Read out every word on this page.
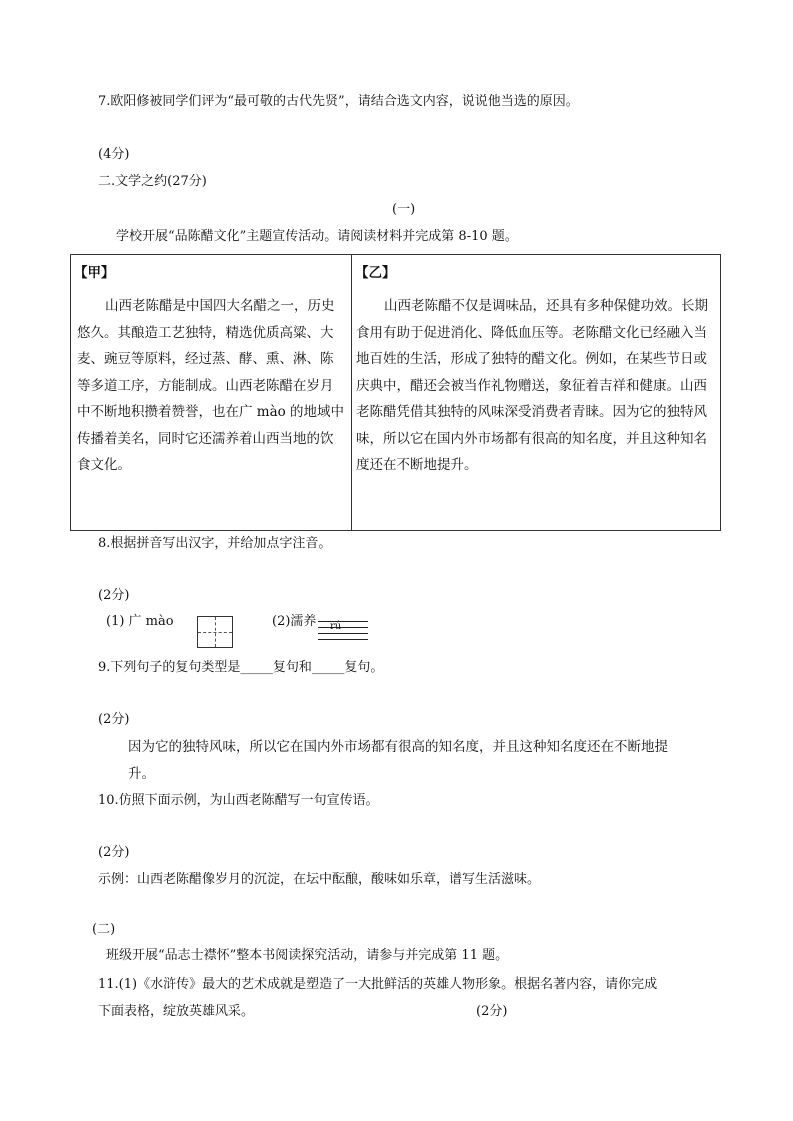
7.欧阳修被同学们评为“最可敬的古代先贤”，请结合选文内容，说说他当选的原因。
(4分)
二.文学之约(27分)
(一)
学校开展“品陈醋文化”主题宣传活动。请阅读材料并完成第 8-10 题。
【甲】
山西老陈醋是中国四大名醋之一，历史
悠久。其酿造工艺独特，精选优质高粱、大
麦、豌豆等原料，经过蒸、酵、熏、淋、陈
等多道工序，方能制成。山西老陈醋在岁月
中不断地积攒着赞誉，也在广 mào 的地域中
传播着美名，同时它还濡养着山西当地的饮
食文化。
【乙】
山西老陈醋不仅是调味品，还具有多种保健功效。长期
食用有助于促进消化、降低血压等。老陈醋文化已经融入当
地百姓的生活，形成了独特的醋文化。例如，在某些节日或
庆典中，醋还会被当作礼物赠送，象征着吉祥和健康。山西
老陈醋凭借其独特的风味深受消费者青睐。因为它的独特风
味，所以它在国内外市场都有很高的知名度，并且这种知名
度还在不断地提升。
8.根据拼音写出汉字，并给加点字注音。
(2分)
(1) 广 mào	(2)濡养 rú
9.下列句子的复句类型是_____复句和_____复句。
(2分)
因为它的独特风味，所以它在国内外市场都有很高的知名度，并且这种知名度还在不断地提
升。
10.仿照下面示例，为山西老陈醋写一句宣传语。
(2分)
示例：山西老陈醋像岁月的沉淀，在坛中酝酿，酸味如乐章，谱写生活滋味。
(二)
班级开展“品志士襟怀”整本书阅读探究活动，请参与并完成第 11 题。
11.(1)《水浒传》最大的艺术成就是塑造了一大批鲜活的英雄人物形象。根据名著内容，请你完成
下面表格，绽放英雄风采。	(2分)
